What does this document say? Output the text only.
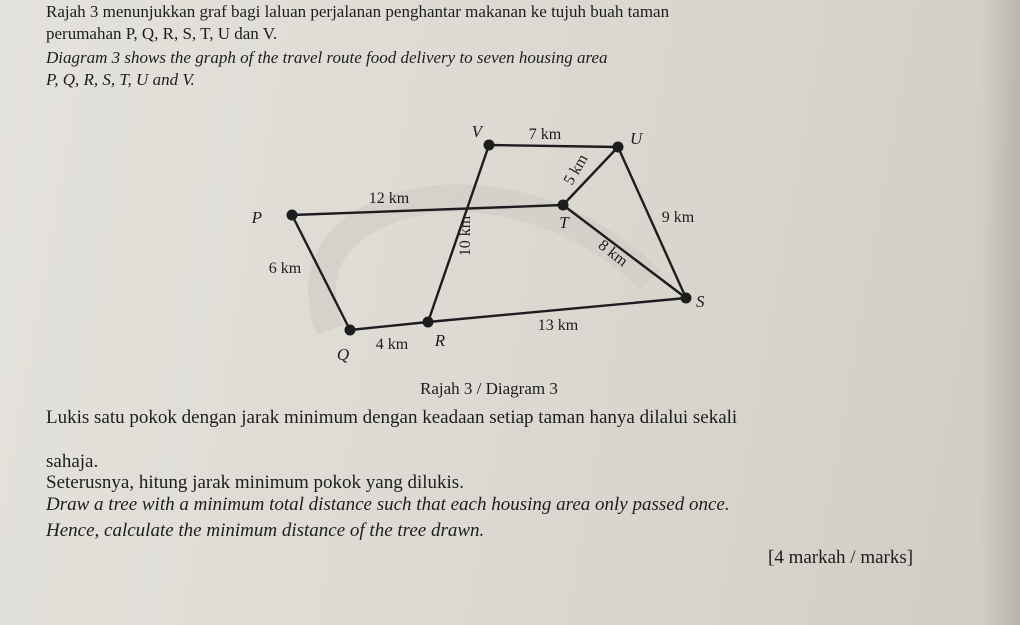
Rajah 3 menunjukkan graf bagi laluan perjalanan penghantar makanan ke tujuh buah taman
perumahan P, Q, R, S, T, U dan V.
Diagram 3 shows the graph of the travel route food delivery to seven housing area
P, Q, R, S, T, U and V.
7 km
12 km
6 km
4 km
10 km
5 km
9 km
8 km
13 km
P
Q
R
S
T
U
V
Rajah 3 / Diagram 3
Lukis satu pokok dengan jarak minimum dengan keadaan setiap taman hanya dilalui sekali
sahaja.
Seterusnya, hitung jarak minimum pokok yang dilukis.
Draw a tree with a minimum total distance such that each housing area only passed once.
Hence, calculate the minimum distance of the tree drawn.
[4 markah / marks]
